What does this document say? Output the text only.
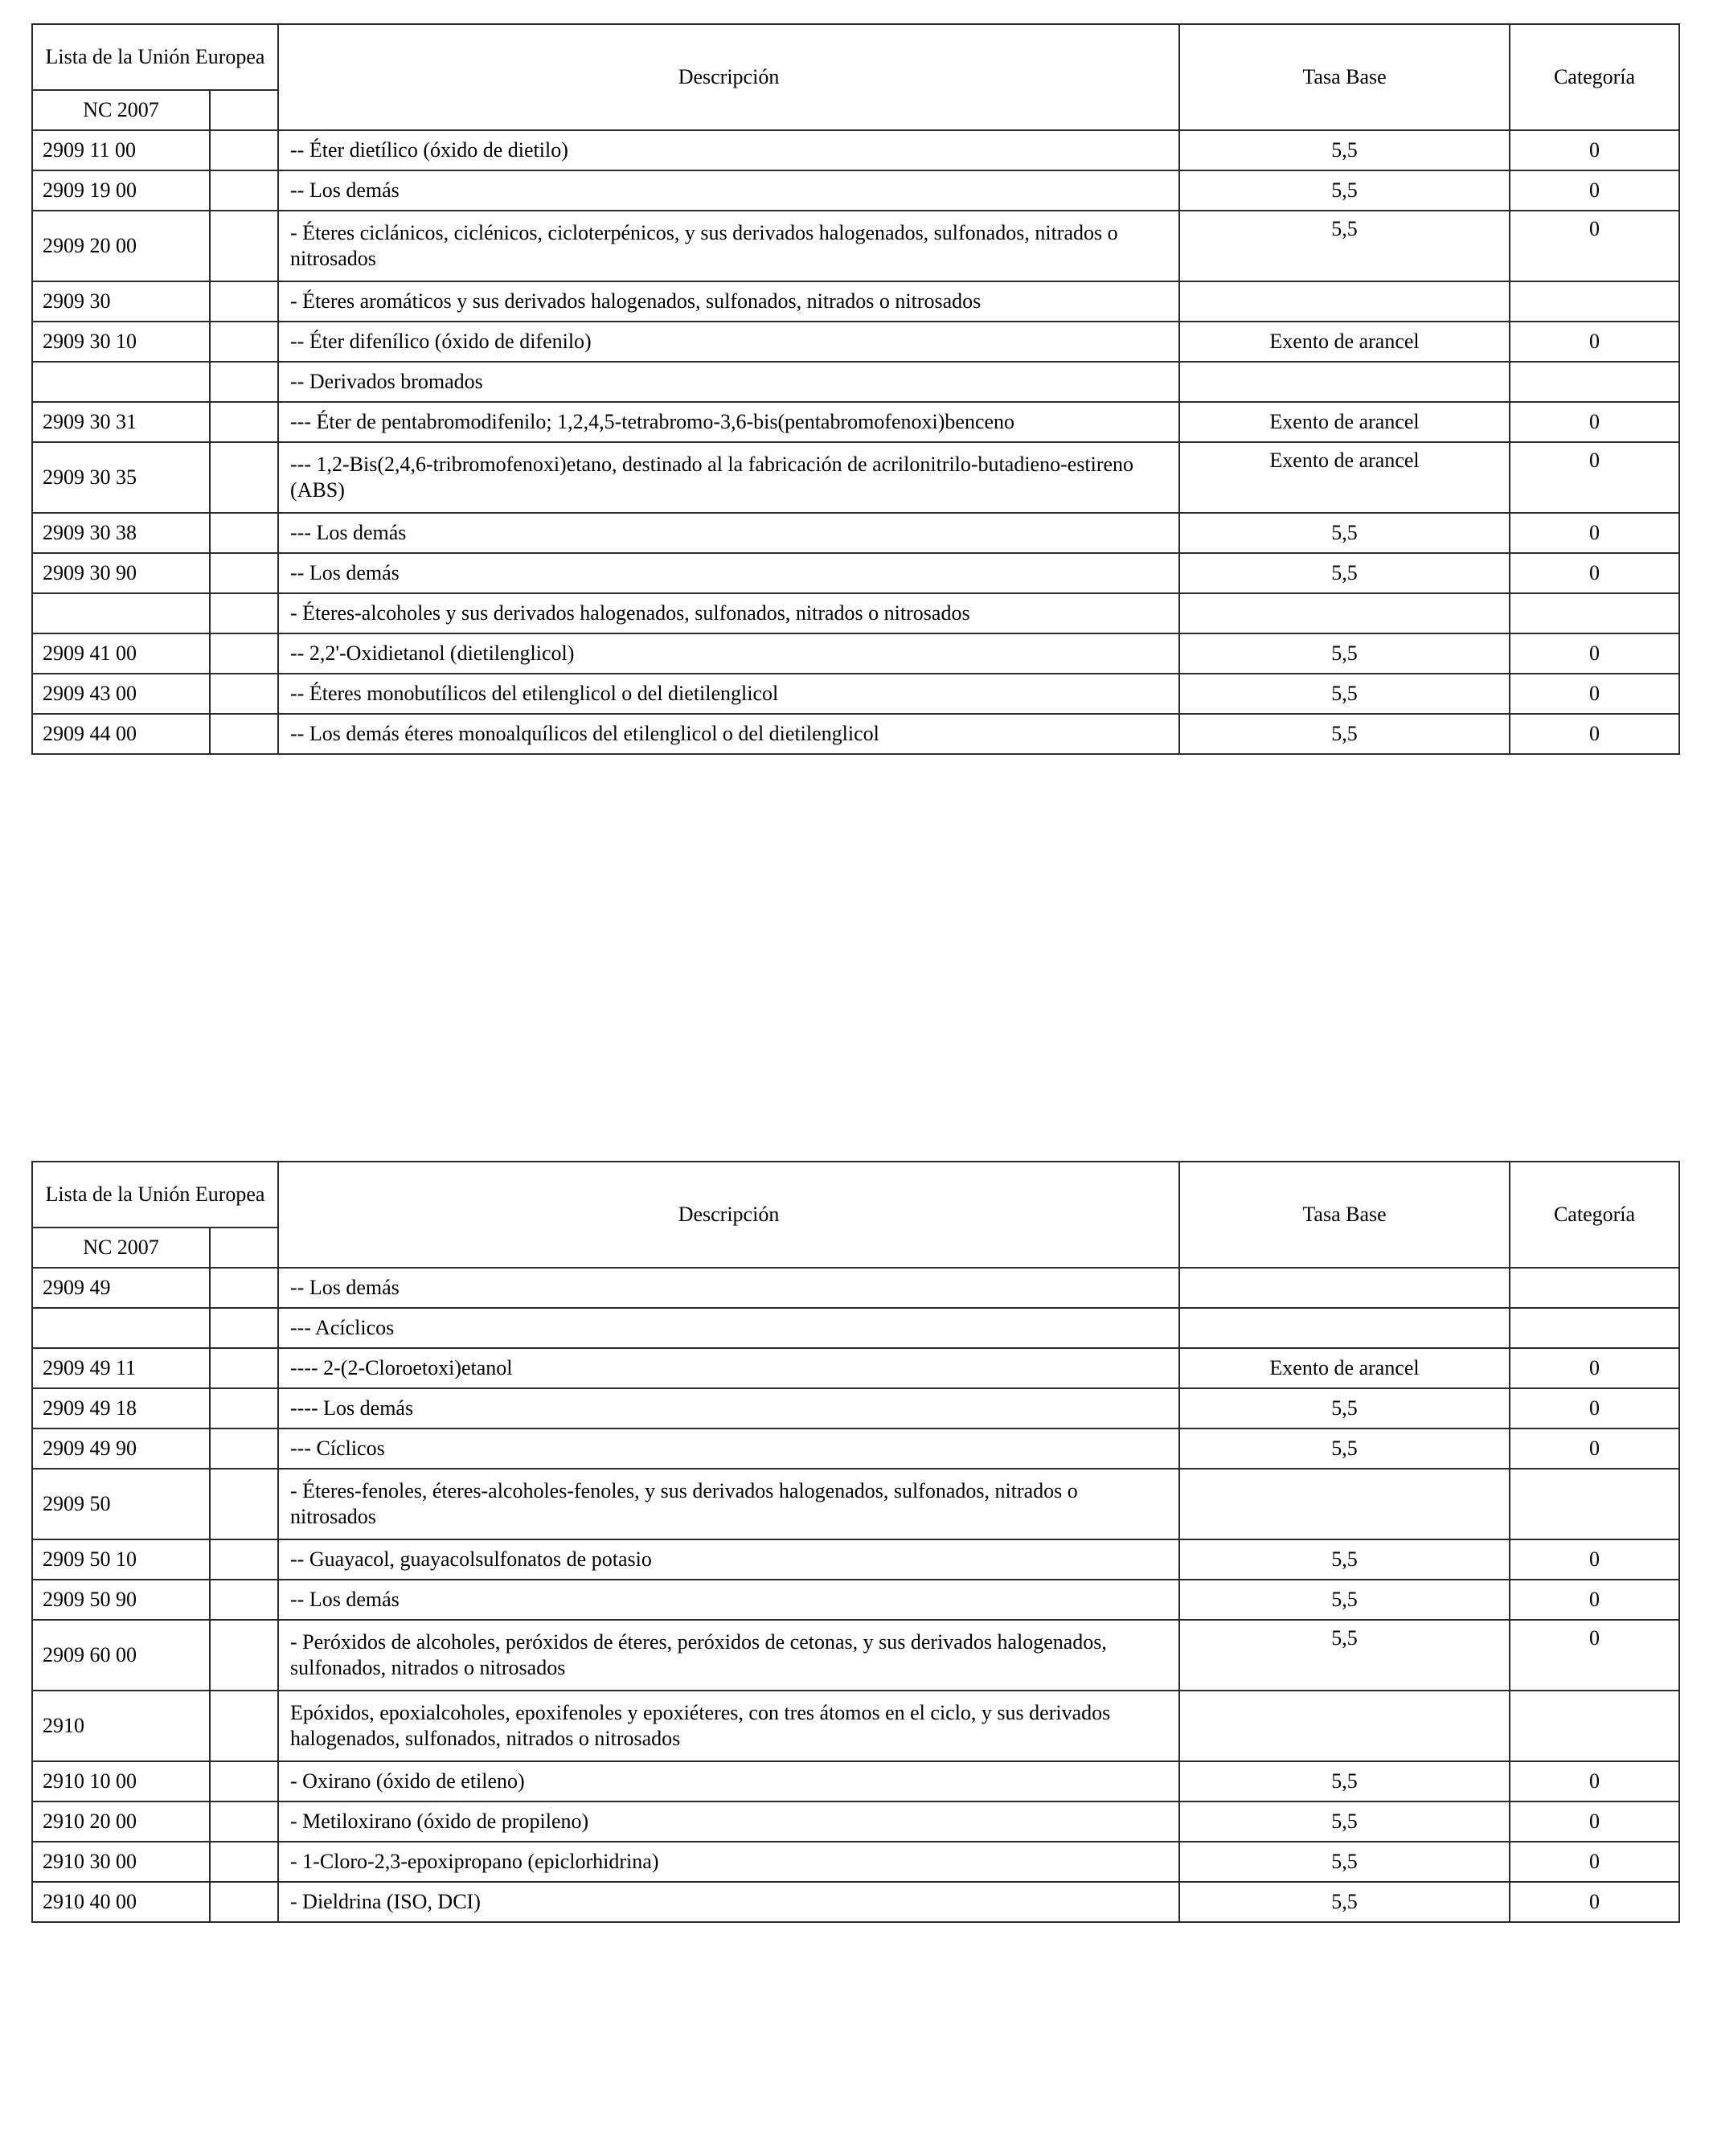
Lista de la Unión Europea		Descripción	Tasa Base	Categoría
NC 2007				
2909 11 00		-- Éter dietílico (óxido de dietilo)	5,5	0
2909 19 00		-- Los demás	5,5	0
2909 20 00		- Éteres ciclánicos, ciclénicos, cicloterpénicos, y sus derivados halogenados, sulfonados, nitrados o nitrosados	5,5	0
2909 30		- Éteres aromáticos y sus derivados halogenados, sulfonados, nitrados o nitrosados		
2909 30 10		-- Éter difenílico (óxido de difenilo)	Exento de arancel	0
		-- Derivados bromados		
2909 30 31		--- Éter de pentabromodifenilo; 1,2,4,5-tetrabromo-3,6-bis(pentabromofenoxi)benceno	Exento de arancel	0
2909 30 35		--- 1,2-Bis(2,4,6-tribromofenoxi)etano, destinado al la fabricación de acrilonitrilo-butadieno-estireno (ABS)	Exento de arancel	0
2909 30 38		--- Los demás	5,5	0
2909 30 90		-- Los demás	5,5	0
		- Éteres-alcoholes y sus derivados halogenados, sulfonados, nitrados o nitrosados		
2909 41 00		-- 2,2'-Oxidietanol (dietilenglicol)	5,5	0
2909 43 00		-- Éteres monobutílicos del etilenglicol o del dietilenglicol	5,5	0
2909 44 00		-- Los demás éteres monoalquílicos del etilenglicol o del dietilenglicol	5,5	0
Lista de la Unión Europea		Descripción	Tasa Base	Categoría
NC 2007				
2909 49		-- Los demás		
		--- Acíclicos		
2909 49 11		---- 2-(2-Cloroetoxi)etanol	Exento de arancel	0
2909 49 18		---- Los demás	5,5	0
2909 49 90		--- Cíclicos	5,5	0
2909 50		- Éteres-fenoles, éteres-alcoholes-fenoles, y sus derivados halogenados, sulfonados, nitrados o nitrosados		
2909 50 10		-- Guayacol, guayacolsulfonatos de potasio	5,5	0
2909 50 90		-- Los demás	5,5	0
2909 60 00		- Peróxidos de alcoholes, peróxidos de éteres, peróxidos de cetonas, y sus derivados halogenados, sulfonados, nitrados o nitrosados	5,5	0
2910		Epóxidos, epoxialcoholes, epoxifenoles y epoxiéteres, con tres átomos en el ciclo, y sus derivados halogenados, sulfonados, nitrados o nitrosados		
2910 10 00		- Oxirano (óxido de etileno)	5,5	0
2910 20 00		- Metiloxirano (óxido de propileno)	5,5	0
2910 30 00		- 1-Cloro-2,3-epoxipropano (epiclorhidrina)	5,5	0
2910 40 00		- Dieldrina (ISO, DCI)	5,5	0
